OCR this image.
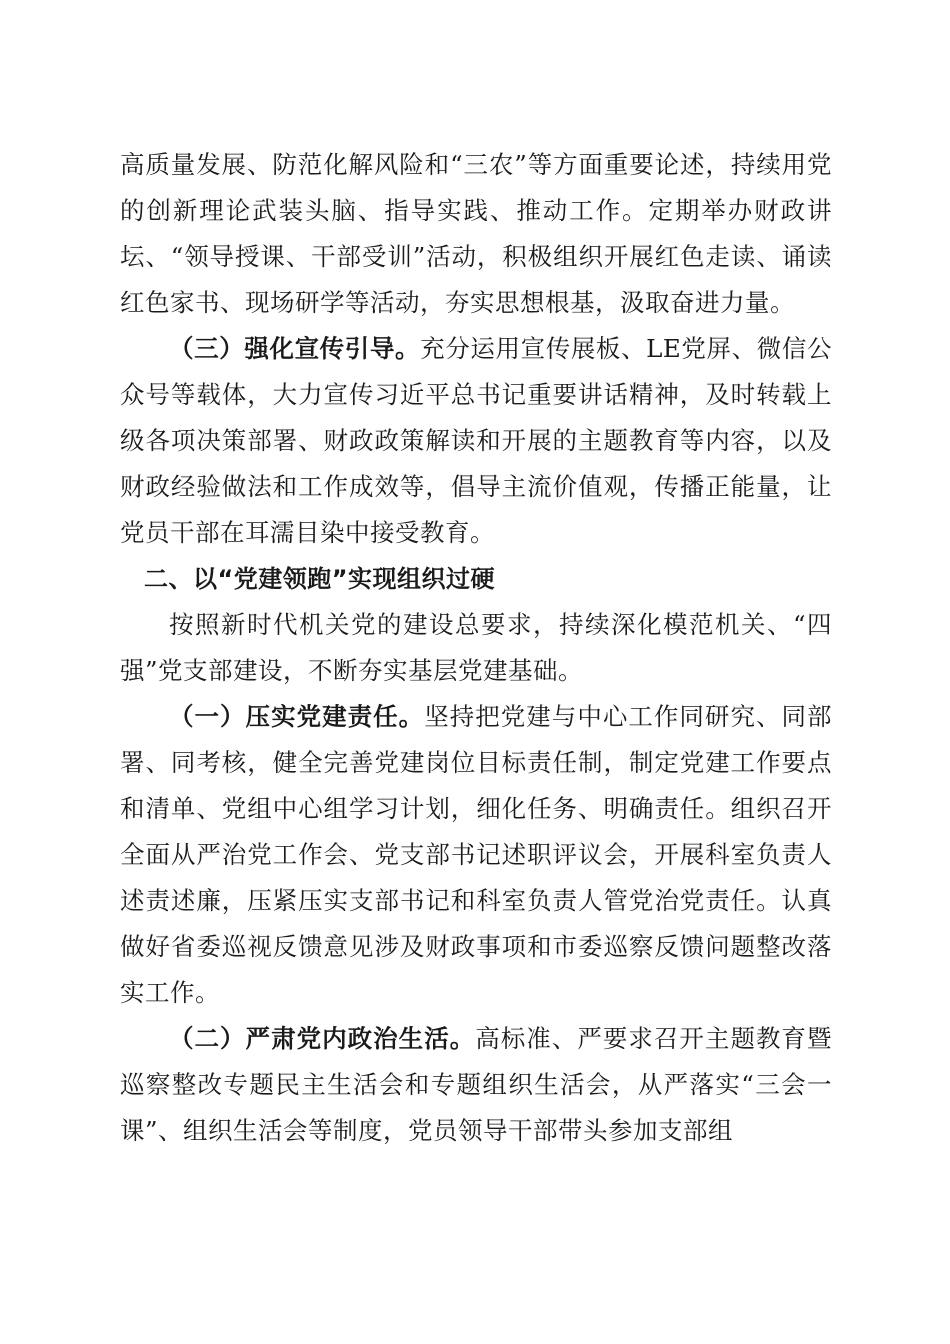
高质量发展、防范化解风险和“三农”等方面重要论述，持续用党的创新理论武装头脑、指导实践、推动工作。定期举办财政讲坛、“领导授课、干部受训”活动，积极组织开展红色走读、诵读红色家书、现场研学等活动，夯实思想根基，汲取奋进力量。

（三）强化宣传引导。充分运用宣传展板、LE党屏、微信公众号等载体，大力宣传习近平总书记重要讲话精神，及时转载上级各项决策部署、财政政策解读和开展的主题教育等内容，以及财政经验做法和工作成效等，倡导主流价值观，传播正能量，让党员干部在耳濡目染中接受教育。

二、以“党建领跑”实现组织过硬

按照新时代机关党的建设总要求，持续深化模范机关、“四强”党支部建设，不断夯实基层党建基础。

（一）压实党建责任。坚持把党建与中心工作同研究、同部署、同考核，健全完善党建岗位目标责任制，制定党建工作要点和清单、党组中心组学习计划，细化任务、明确责任。组织召开全面从严治党工作会、党支部书记述职评议会，开展科室负责人述责述廉，压紧压实支部书记和科室负责人管党治党责任。认真做好省委巡视反馈意见涉及财政事项和市委巡察反馈问题整改落实工作。

（二）严肃党内政治生活。高标准、严要求召开主题教育暨巡察整改专题民主生活会和专题组织生活会，从严落实“三会一课”、组织生活会等制度，党员领导干部带头参加支部组
